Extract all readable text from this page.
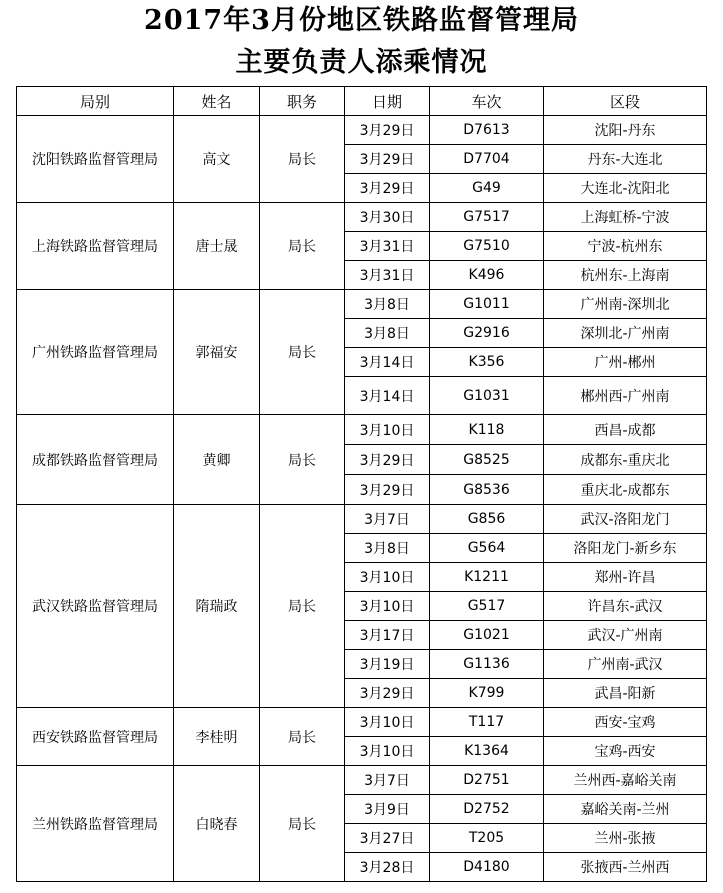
2017年3月份地区铁路监督管理局
主要负责人添乘情况
局别	姓名	职务	日期	车次	区段
沈阳铁路监督管理局	高文	局长	3月29日	D7613	沈阳-丹东
			3月29日	D7704	丹东-大连北
			3月29日	G49	大连北-沈阳北
上海铁路监督管理局	唐士晟	局长	3月30日	G7517	上海虹桥-宁波
			3月31日	G7510	宁波-杭州东
			3月31日	K496	杭州东-上海南
广州铁路监督管理局	郭福安	局长	3月8日	G1011	广州南-深圳北
			3月8日	G2916	深圳北-广州南
			3月14日	K356	广州-郴州
			3月14日	G1031	郴州西-广州南
成都铁路监督管理局	黄卿	局长	3月10日	K118	西昌-成都
			3月29日	G8525	成都东-重庆北
			3月29日	G8536	重庆北-成都东
武汉铁路监督管理局	隋瑞政	局长	3月7日	G856	武汉-洛阳龙门
			3月8日	G564	洛阳龙门-新乡东
			3月10日	K1211	郑州-许昌
			3月10日	G517	许昌东-武汉
			3月17日	G1021	武汉-广州南
			3月19日	G1136	广州南-武汉
			3月29日	K799	武昌-阳新
西安铁路监督管理局	李桂明	局长	3月10日	T117	西安-宝鸡
			3月10日	K1364	宝鸡-西安
兰州铁路监督管理局	白晓春	局长	3月7日	D2751	兰州西-嘉峪关南
			3月9日	D2752	嘉峪关南-兰州
			3月27日	T205	兰州-张掖
			3月28日	D4180	张掖西-兰州西
